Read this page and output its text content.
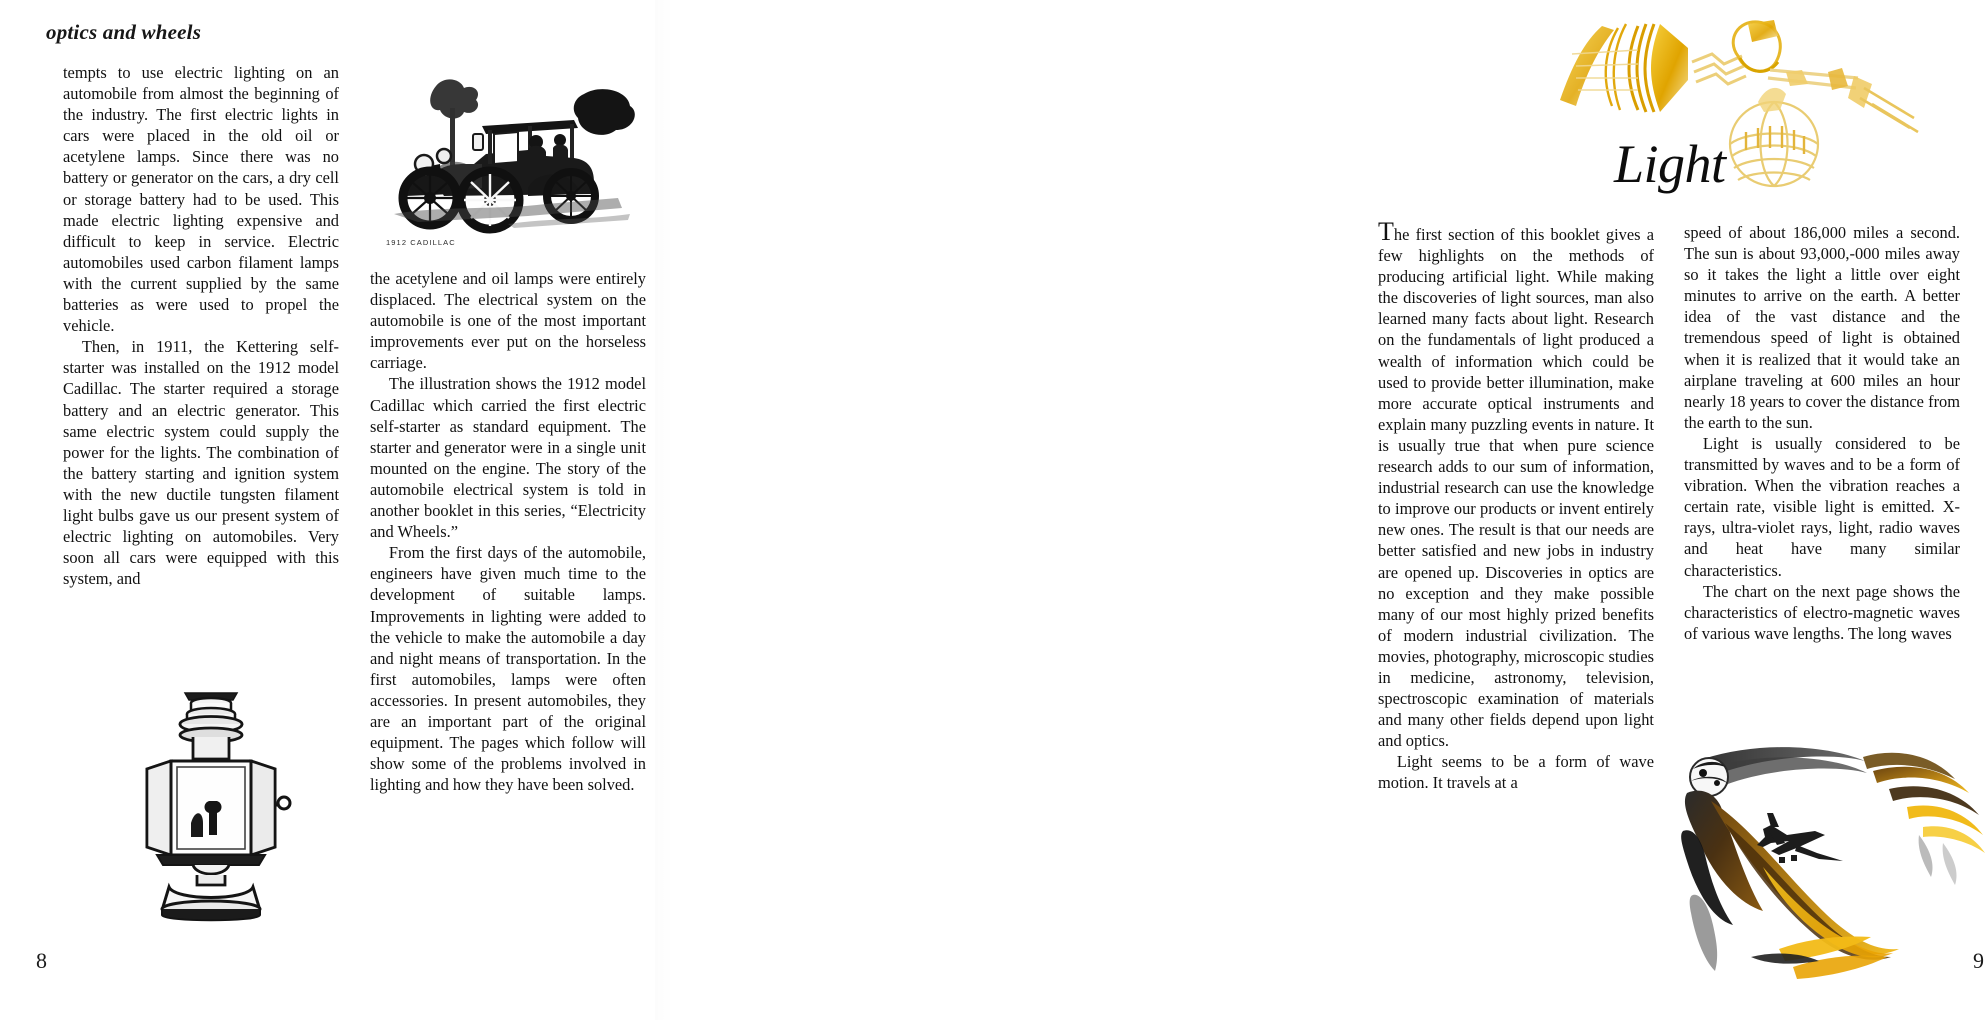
optics and wheels

tempts to use electric lighting on an automobile from almost the beginning of the industry. The first electric lights in cars were placed in the old oil or acetylene lamps. Since there was no battery or generator on the cars, a dry cell or storage battery had to be used. This made electric lighting expensive and difficult to keep in service. Electric automobiles used carbon filament lamps with the current supplied by the same batteries as were used to propel the vehicle.

Then, in 1911, the Kettering self-starter was installed on the 1912 model Cadillac. The starter required a storage battery and an electric generator. This same electric system could supply the power for the lights. The combination of the battery starting and ignition system with the new ductile tungsten filament light bulbs gave us our present system of electric lighting on automobiles. Very soon all cars were equipped with this system, and

1912 CADILLAC

the acetylene and oil lamps were entirely displaced. The electrical system on the automobile is one of the most important improvements ever put on the horseless carriage.

The illustration shows the 1912 model Cadillac which carried the first electric self-starter as standard equipment. The starter and generator were in a single unit mounted on the engine. The story of the automobile electrical system is told in another booklet in this series, “Electricity and Wheels.”

From the first days of the automobile, engineers have given much time to the development of suitable lamps. Improvements in lighting were added to the vehicle to make the automobile a day and night means of transportation. In the first automobiles, lamps were often accessories. In present automobiles, they are an important part of the original equipment. The pages which follow will show some of the problems involved in lighting and how they have been solved.

8
Light

The first section of this booklet gives a few highlights on the methods of producing artificial light. While making the discoveries of light sources, man also learned many facts about light. Research on the fundamentals of light produced a wealth of information which could be used to provide better illumination, make more accurate optical instruments and explain many puzzling events in nature. It is usually true that when pure science research adds to our sum of information, industrial research can use the knowledge to improve our products or invent entirely new ones. The result is that our needs are better satisfied and new jobs in industry are opened up. Discoveries in optics are no exception and they make possible many of our most highly prized benefits of modern industrial civilization. The movies, photography, microscopic studies in medicine, astronomy, television, spectroscopic examination of materials and many other fields depend upon light and optics.

Light seems to be a form of wave motion. It travels at a

speed of about 186,000 miles a second. The sun is about 93,000,-000 miles away so it takes the light a little over eight minutes to arrive on the earth. A better idea of the vast distance and the tremendous speed of light is obtained when it is realized that it would take an airplane traveling at 600 miles an hour nearly 18 years to cover the distance from the earth to the sun.

Light is usually considered to be transmitted by waves and to be a form of vibration. When the vibration reaches a certain rate, visible light is emitted. X-rays, ultra-violet rays, light, radio waves and heat have many similar characteristics.

The chart on the next page shows the characteristics of electro-magnetic waves of various wave lengths. The long waves

9
